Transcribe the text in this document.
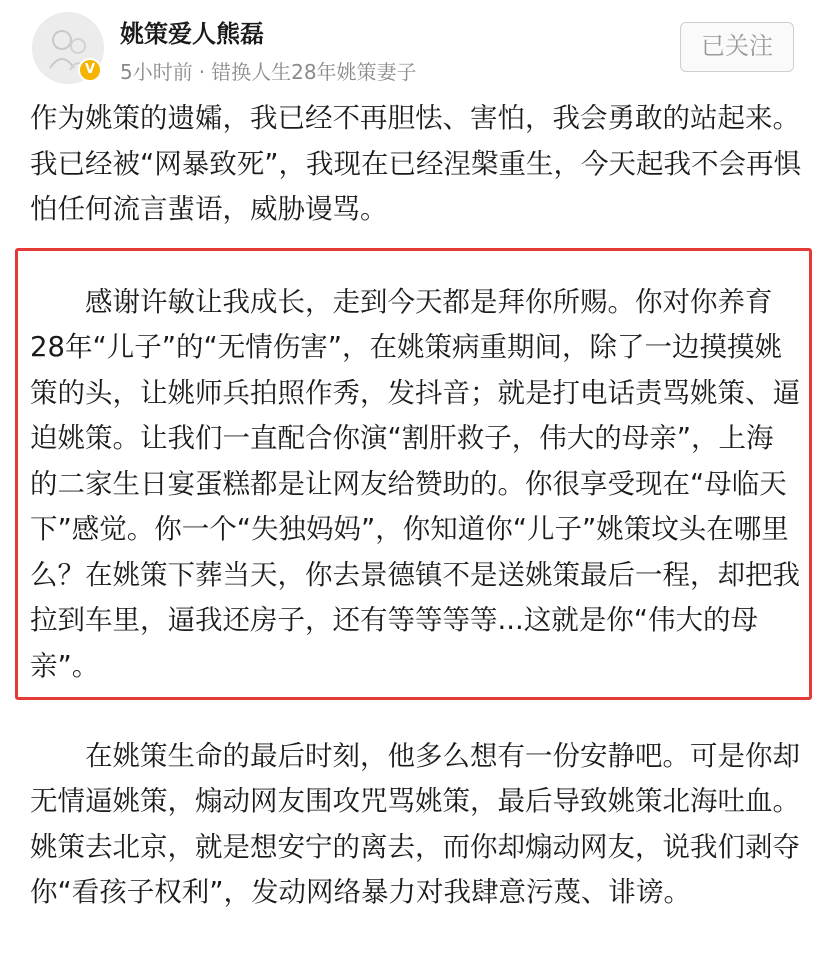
V
姚策爱人熊磊
5小时前 · 错换人生28年姚策妻子
已关注

作为姚策的遗孀，我已经不再胆怯、害怕，我会勇敢的站起来。我已经被“网暴致死”，我现在已经涅槃重生，今天起我不会再惧怕任何流言蜚语，威胁谩骂。

感谢许敏让我成长，走到今天都是拜你所赐。你对你养育28年“儿子”的“无情伤害”，在姚策病重期间，除了一边摸摸姚策的头，让姚师兵拍照作秀，发抖音；就是打电话责骂姚策、逼迫姚策。让我们一直配合你演“割肝救子，伟大的母亲”，上海的二家生日宴蛋糕都是让网友给赞助的。你很享受现在“母临天下”感觉。你一个“失独妈妈”，你知道你“儿子”姚策坟头在哪里么？在姚策下葬当天，你去景德镇不是送姚策最后一程，却把我拉到车里，逼我还房子，还有等等等等...这就是你“伟大的母亲”。

在姚策生命的最后时刻，他多么想有一份安静吧。可是你却无情逼姚策，煽动网友围攻咒骂姚策，最后导致姚策北海吐血。姚策去北京，就是想安宁的离去，而你却煽动网友，说我们剥夺你“看孩子权利”，发动网络暴力对我肆意污蔑、诽谤。
